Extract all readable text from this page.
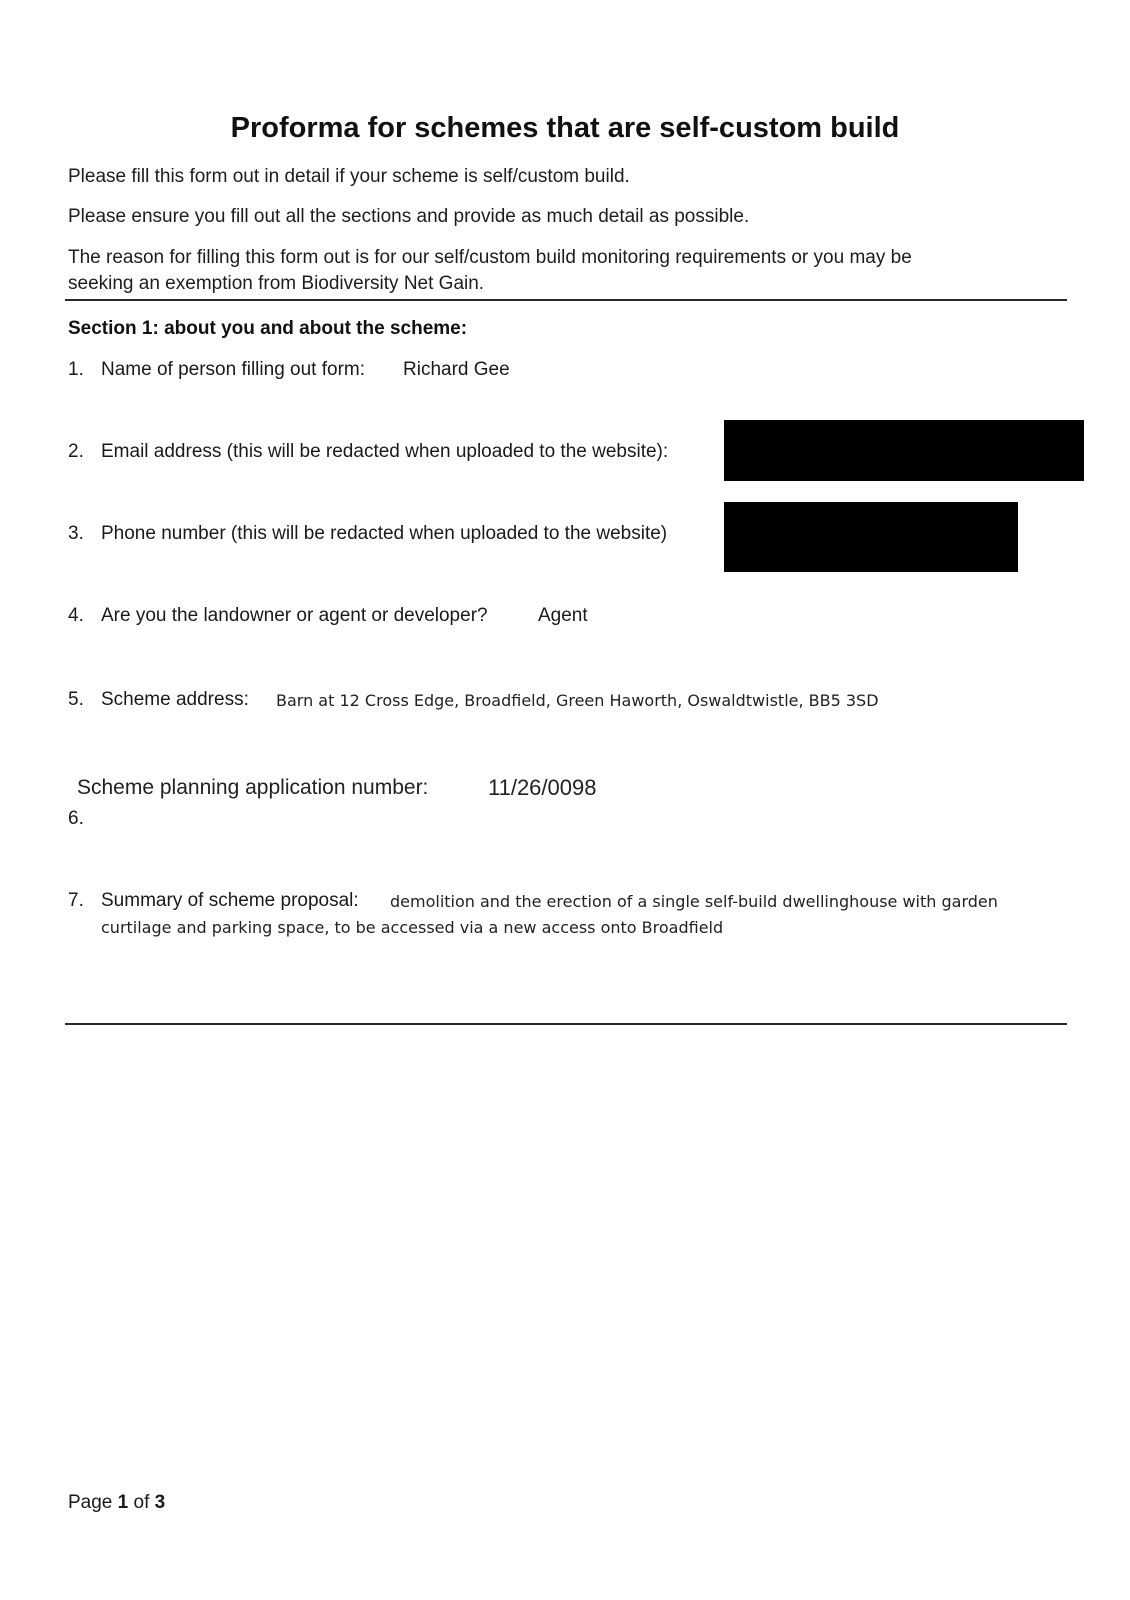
Proforma for schemes that are self-custom build
Please fill this form out in detail if your scheme is self/custom build.
Please ensure you fill out all the sections and provide as much detail as possible.
The reason for filling this form out is for our self/custom build monitoring requirements or you may be
seeking an exemption from Biodiversity Net Gain.
Section 1: about you and about the scheme:
1. Name of person filling out form: Richard Gee
2. Email address (this will be redacted when uploaded to the website):
3. Phone number (this will be redacted when uploaded to the website)
4. Are you the landowner or agent or developer?	Agent
5. Scheme address: Barn at 12 Cross Edge, Broadfield, Green Haworth, Oswaldtwistle, BB5 3SD
Scheme planning application number:	11/26/0098
6.
7. Summary of scheme proposal: demolition and the erection of a single self-build dwellinghouse with garden
curtilage and parking space, to be accessed via a new access onto Broadfield
Page 1 of 3
